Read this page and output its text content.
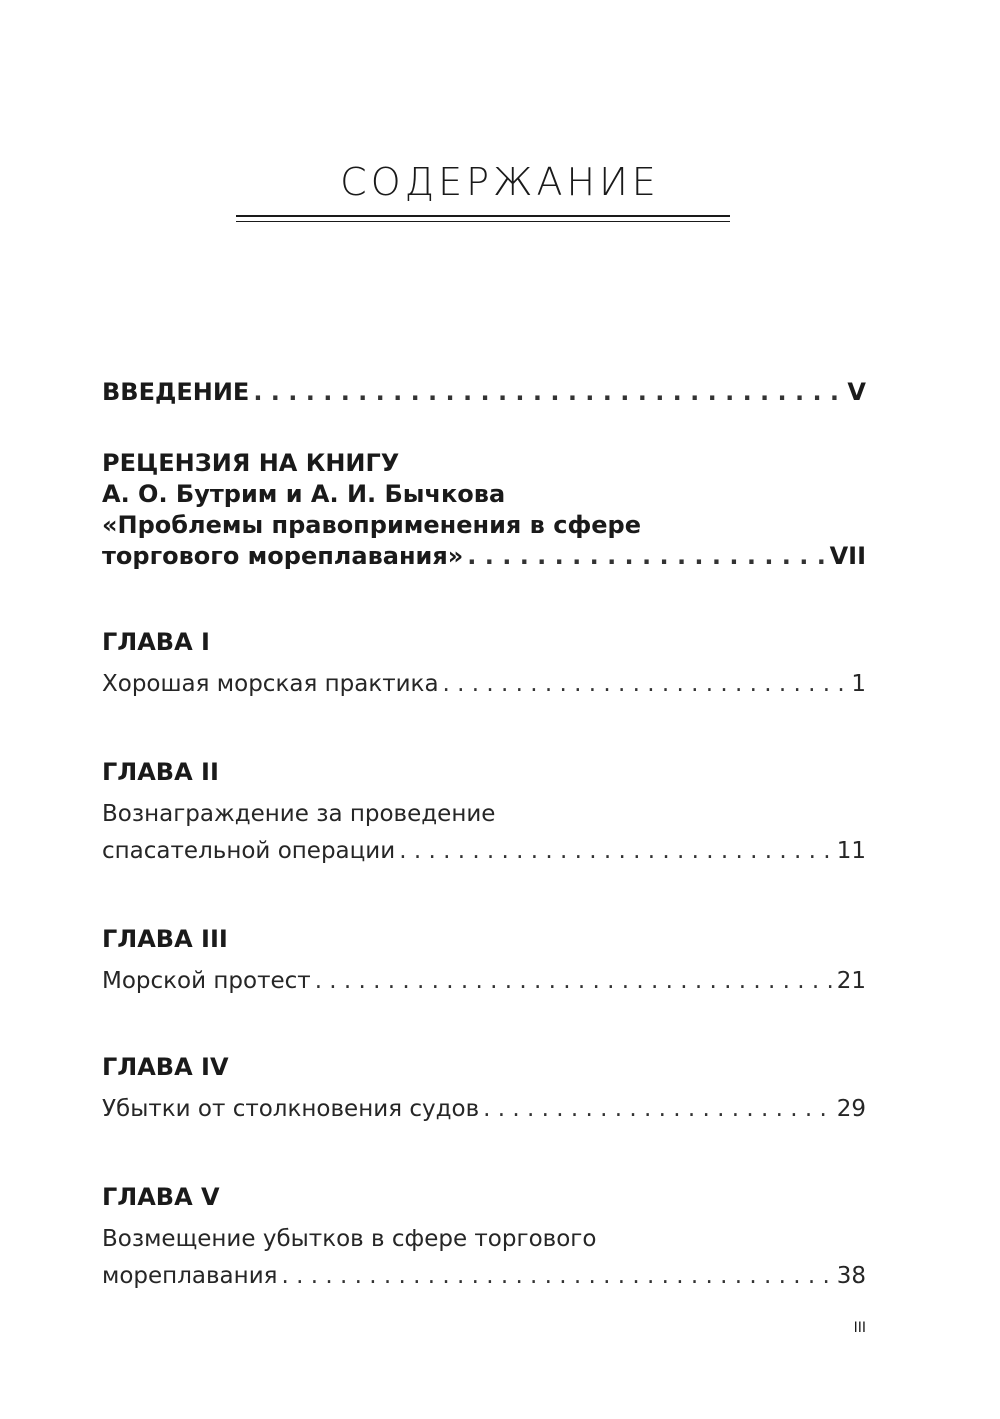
СОДЕРЖАНИЕ
ВВЕДЕНИЕ . . .	V
РЕЦЕНЗИЯ НА КНИГУ
А. О. Бутрим и А. И. Бычкова
«Проблемы правоприменения в сфере
торгового мореплавания» . . .	VII
ГЛАВА I
Хорошая морская практика . . .	1
ГЛАВА II
Вознаграждение за проведение
спасательной операции . . .	11
ГЛАВА III
Морской протест . . .	21
ГЛАВА IV
Убытки от столкновения судов . . .	29
ГЛАВА V
Возмещение убытков в сфере торгового
мореплавания . . .	38
III
